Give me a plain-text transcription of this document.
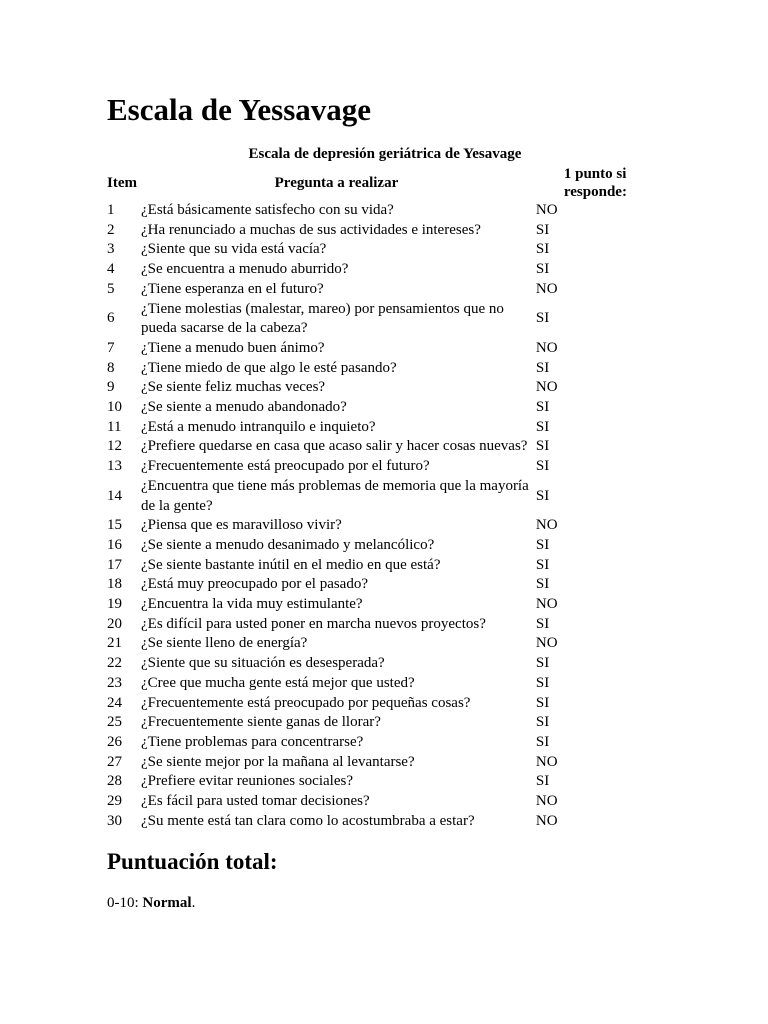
Escala de Yessavage
Escala de depresión geriátrica de Yesavage
Item	Pregunta a realizar	1 punto si responde:
1	¿Está básicamente satisfecho con su vida?	NO
2	¿Ha renunciado a muchas de sus actividades e intereses?	SI
3	¿Siente que su vida está vacía?	SI
4	¿Se encuentra a menudo aburrido?	SI
5	¿Tiene esperanza en el futuro?	NO
6	¿Tiene molestias (malestar, mareo) por pensamientos que no pueda sacarse de la cabeza?	SI
7	¿Tiene a menudo buen ánimo?	NO
8	¿Tiene miedo de que algo le esté pasando?	SI
9	¿Se siente feliz muchas veces?	NO
10	¿Se siente a menudo abandonado?	SI
11	¿Está a menudo intranquilo e inquieto?	SI
12	¿Prefiere quedarse en casa que acaso salir y hacer cosas nuevas?	SI
13	¿Frecuentemente está preocupado por el futuro?	SI
14	¿Encuentra que tiene más problemas de memoria que la mayoría de la gente?	SI
15	¿Piensa que es maravilloso vivir?	NO
16	¿Se siente a menudo desanimado y melancólico?	SI
17	¿Se siente bastante inútil en el medio en que está?	SI
18	¿Está muy preocupado por el pasado?	SI
19	¿Encuentra la vida muy estimulante?	NO
20	¿Es difícil para usted poner en marcha nuevos proyectos?	SI
21	¿Se siente lleno de energía?	NO
22	¿Siente que su situación es desesperada?	SI
23	¿Cree que mucha gente está mejor que usted?	SI
24	¿Frecuentemente está preocupado por pequeñas cosas?	SI
25	¿Frecuentemente siente ganas de llorar?	SI
26	¿Tiene problemas para concentrarse?	SI
27	¿Se siente mejor por la mañana al levantarse?	NO
28	¿Prefiere evitar reuniones sociales?	SI
29	¿Es fácil para usted tomar decisiones?	NO
30	¿Su mente está tan clara como lo acostumbraba a estar?	NO
Puntuación total:
0-10: Normal.
